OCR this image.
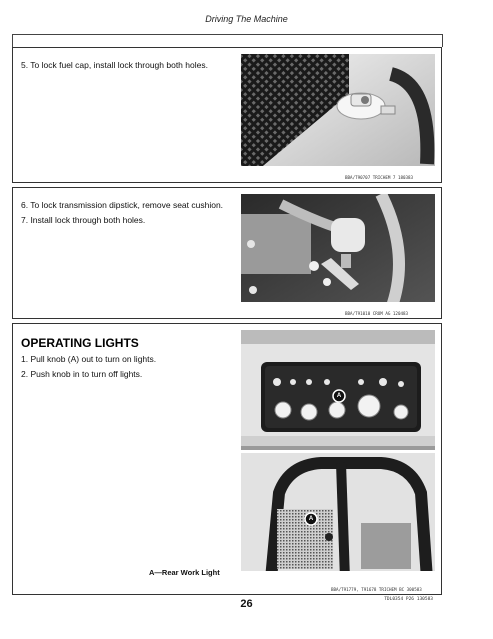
Driving The Machine
5. To lock fuel cap, install lock through both holes.
BBA/T90707 TRICHEM 7 180383
6. To lock transmission dipstick, remove seat cushion.
7. Install lock through both holes.
BBA/T91010 CROM AG 120483
OPERATING LIGHTS
1. Pull knob (A) out to turn on lights.
2. Push knob in to turn off lights.
A
A
A—Rear Work Light
BBA/T91779, T91678 TRICHEM BC 300583
26	TDL0354 P26 130583
